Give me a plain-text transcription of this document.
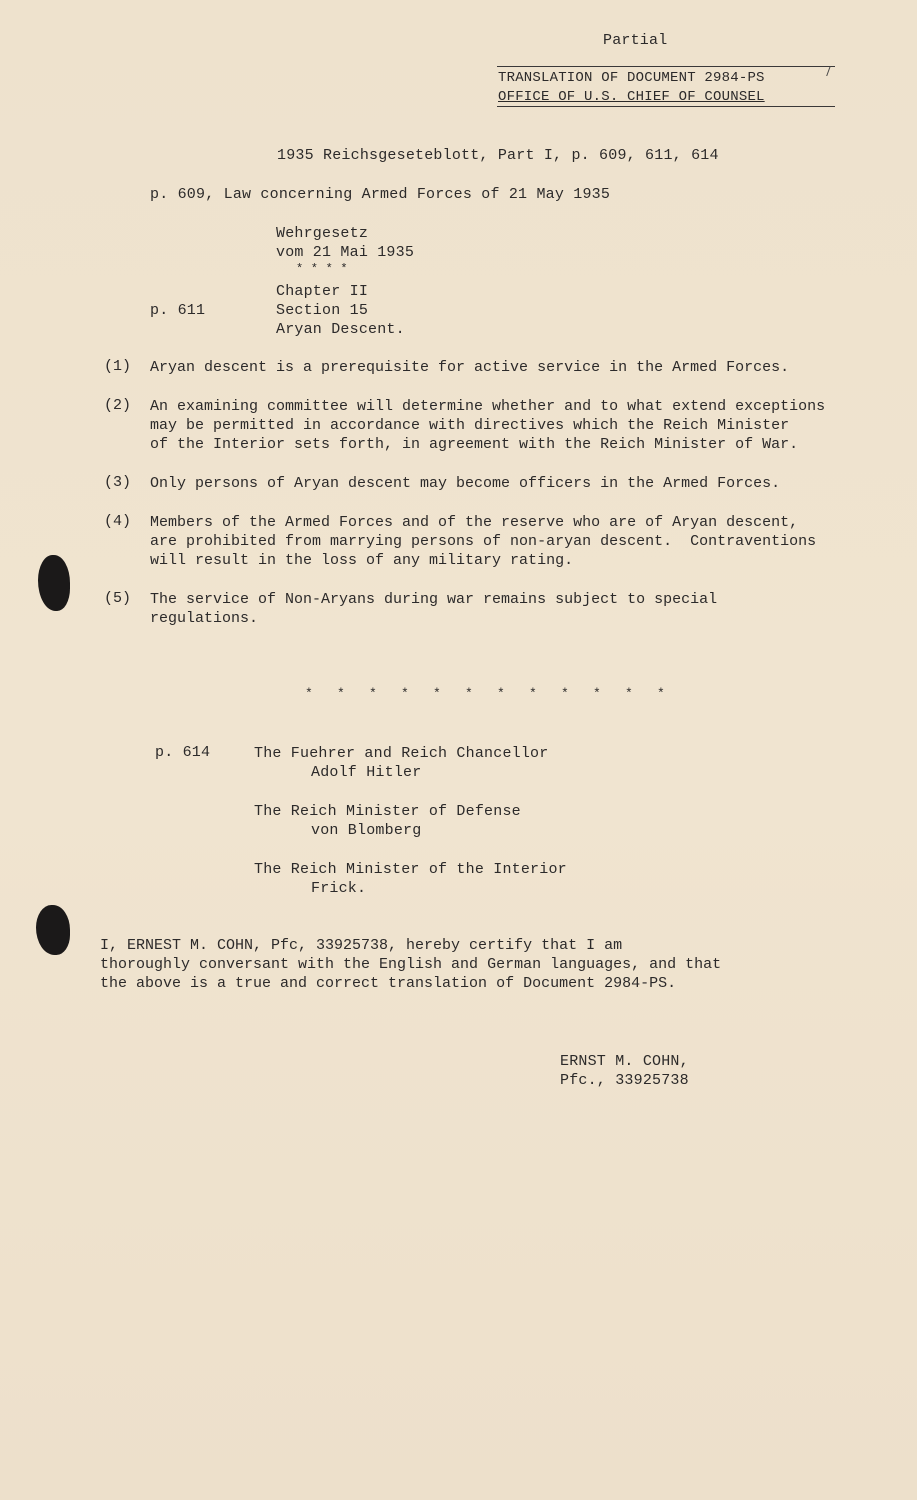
Partial
TRANSLATION OF DOCUMENT 2984-PS
OFFICE OF U.S. CHIEF OF COUNSEL
1935 Reichsgeseteblott, Part I, p. 609, 611, 614
p. 609, Law concerning Armed Forces of 21 May 1935
Wehrgesetz
vom 21 Mai 1935
* * * *
Chapter II
p. 611	Section 15
Aryan Descent.
(1) Aryan descent is a prerequisite for active service in the Armed Forces.
(2) An examining committee will determine whether and to what extend exceptions
may be permitted in accordance with directives which the Reich Minister
of the Interior sets forth, in agreement with the Reich Minister of War.
(3) Only persons of Aryan descent may become officers in the Armed Forces.
(4) Members of the Armed Forces and of the reserve who are of Aryan descent,
are prohibited from marrying persons of non-aryan descent.  Contraventions
will result in the loss of any military rating.
(5) The service of Non-Aryans during war remains subject to special
regulations.
*   *   *   *   *   *   *   *   *   *   *   *
p. 614	The Fuehrer and Reich Chancellor
Adolf Hitler
The Reich Minister of Defense
von Blomberg
The Reich Minister of the Interior
Frick.
I, ERNEST M. COHN, Pfc, 33925738, hereby certify that I am
thoroughly conversant with the English and German languages, and that
the above is a true and correct translation of Document 2984-PS.
ERNST M. COHN,
Pfc., 33925738
